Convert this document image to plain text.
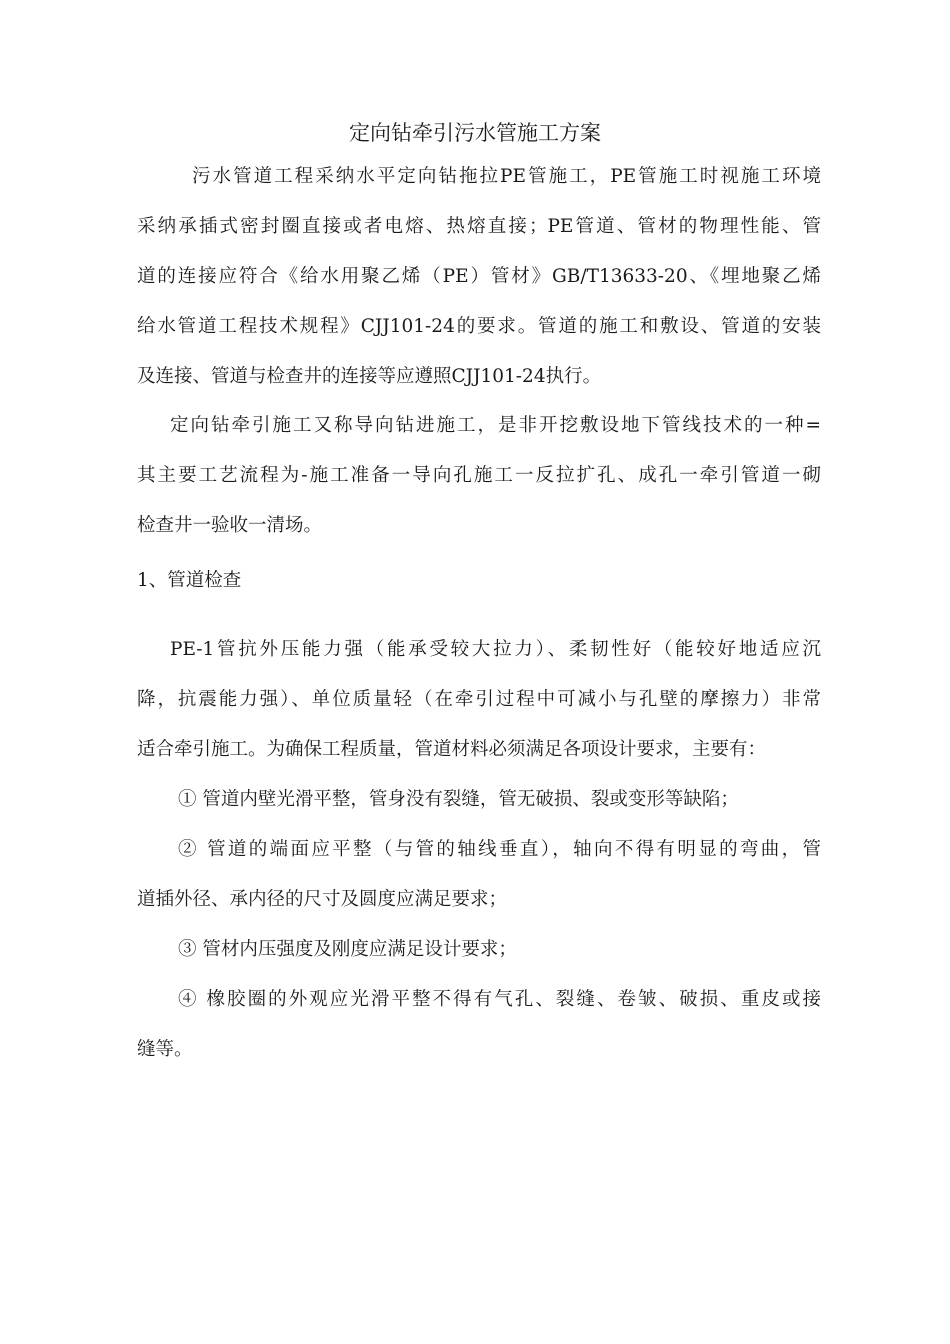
定向钻牵引污水管施工方案
污水管道工程采纳水平定向钻拖拉PE管施工，PE管施工时视施工环境
采纳承插式密封圈直接或者电熔、热熔直接；PE管道、管材的物理性能、管
道的连接应符合《给水用聚乙烯（PE）管材》GB/T13633-20、《埋地聚乙烯
给水管道工程技术规程》CJJ101-24的要求。管道的施工和敷设、管道的安装
及连接、管道与检查井的连接等应遵照CJJ101-24执行。
定向钻牵引施工又称导向钻进施工，是非开挖敷设地下管线技术的一种=
其主要工艺流程为-施工准备一导向孔施工一反拉扩孔、成孔一牵引管道一砌
检查井一验收一清场。
1、管道检查
PE-1管抗外压能力强（能承受较大拉力）、柔韧性好（能较好地适应沉
降，抗震能力强）、单位质量轻（在牵引过程中可减小与孔壁的摩擦力）非常
适合牵引施工。为确保工程质量，管道材料必须满足各项设计要求，主要有：
① 管道内壁光滑平整，管身没有裂缝，管无破损、裂或变形等缺陷；
② 管道的端面应平整（与管的轴线垂直），轴向不得有明显的弯曲，管
道插外径、承内径的尺寸及圆度应满足要求；
③ 管材内压强度及刚度应满足设计要求；
④ 橡胶圈的外观应光滑平整不得有气孔、裂缝、卷皱、破损、重皮或接
缝等。
